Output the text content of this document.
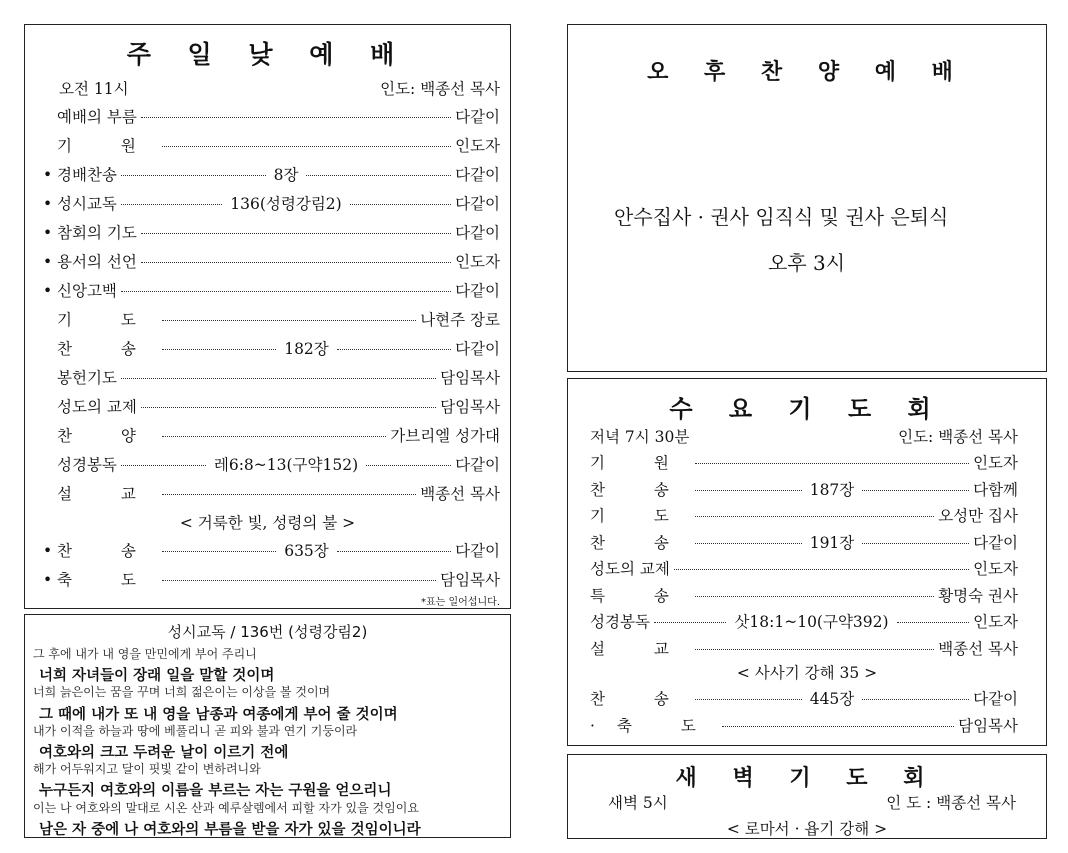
주 일 낮 예 배
오전 11시	인도: 백종선 목사
예배의 부름	다같이
기 원	인도자
• 경배찬송	8장	다같이
• 성시교독	136(성령강림2)	다같이
• 참회의 기도	다같이
• 용서의 선언	인도자
• 신앙고백	다같이
기 도	나현주 장로
찬 송	182장	다같이
봉헌기도	담임목사
성도의 교제	담임목사
찬 양	가브리엘 성가대
성경봉독	레6:8~13(구약152)	다같이
설 교	백종선 목사
< 거룩한 빛, 성령의 불 >
• 찬 송	635장	다같이
• 축 도	담임목사
*표는 일어섭니다.
성시교독 / 136번 (성령강림2)
그 후에 내가 내 영을 만민에게 부어 주리니
너희 자녀들이 장래 일을 말할 것이며
너희 늙은이는 꿈을 꾸며 너희 젊은이는 이상을 볼 것이며
그 때에 내가 또 내 영을 남종과 여종에게 부어 줄 것이며
내가 이적을 하늘과 땅에 베풀리니 곧 피와 불과 연기 기둥이라
여호와의 크고 두려운 날이 이르기 전에
해가 어두워지고 달이 핏빛 같이 변하려니와
누구든지 여호와의 이름을 부르는 자는 구원을 얻으리니
이는 나 여호와의 말대로 시온 산과 예루살렘에서 피할 자가 있을 것임이요
남은 자 중에 나 여호와의 부름을 받을 자가 있을 것임이니라
오 후 찬 양 예 배
안수집사 · 권사 임직식 및 권사 은퇴식
오후 3시
수 요 기 도 회
저녁 7시 30분	인도: 백종선 목사
기 원	인도자
찬 송	187장	다함께
기 도	오성만 집사
찬 송	191장	다같이
성도의 교제	인도자
특 송	황명숙 권사
성경봉독	삿18:1~10(구약392)	인도자
설 교	백종선 목사
< 사사기 강해 35 >
찬 송	445장	다같이
·축 도	담임목사
새 벽 기 도 회
새벽 5시	인 도 : 백종선 목사
< 로마서 · 욥기 강해 >
